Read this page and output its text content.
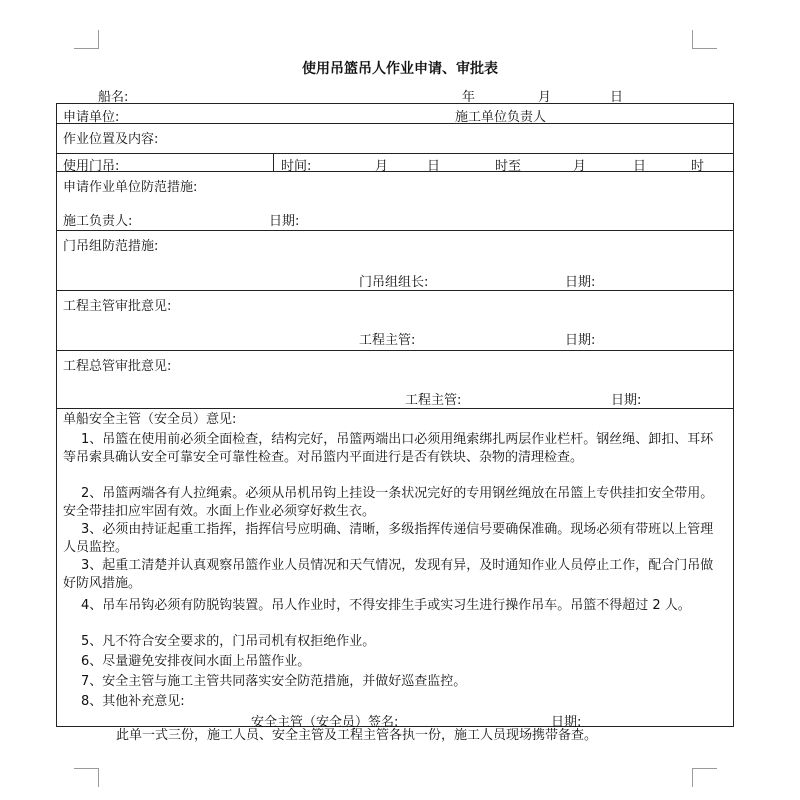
使用吊篮吊人作业申请、审批表
船名:	年	月	日
申请单位:	施工单位负责人
作业位置及内容:
使用门吊:	时间:	月	日	时至	月	日	时
申请作业单位防范措施:
施工负责人:	日期:
门吊组防范措施:
门吊组组长:	日期:
工程主管审批意见:
工程主管:	日期:
工程总管审批意见:
工程主管:	日期:
单船安全主管（安全员）意见:
1、吊篮在使用前必须全面检查，结构完好，吊篮两端出口必须用绳索绑扎两层作业栏杆。钢丝绳、卸扣、耳环等吊索具确认安全可靠安全可靠性检查。对吊篮内平面进行是否有铁块、杂物的清理检查。
2、吊篮两端各有人拉绳索。必须从吊机吊钩上挂设一条状况完好的专用钢丝绳放在吊篮上专供挂扣安全带用。安全带挂扣应牢固有效。水面上作业必须穿好救生衣。
3、必须由持证起重工指挥，指挥信号应明确、清晰，多级指挥传递信号要确保准确。现场必须有带班以上管理人员监控。
3、起重工清楚并认真观察吊篮作业人员情况和天气情况，发现有异，及时通知作业人员停止工作，配合门吊做好防风措施。
4、吊车吊钩必须有防脱钩装置。吊人作业时，不得安排生手或实习生进行操作吊车。吊篮不得超过 2 人。
5、凡不符合安全要求的，门吊司机有权拒绝作业。
6、尽量避免安排夜间水面上吊篮作业。
7、安全主管与施工主管共同落实安全防范措施，并做好巡查监控。
8、其他补充意见:
安全主管（安全员）签名:	日期:
此单一式三份，施工人员、安全主管及工程主管各执一份，施工人员现场携带备查。
